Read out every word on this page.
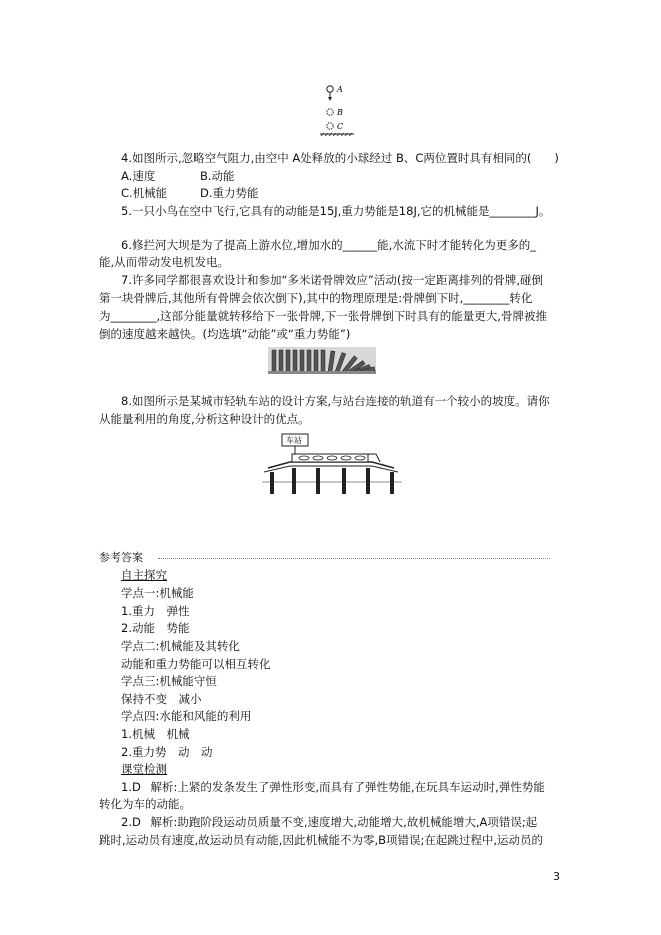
A
B
C
4.如图所示,忽略空气阻力,由空中 A处释放的小球经过 B、C两位置时具有相同的(　　)
A.速度	B.动能
C.机械能	D.重力势能
5.一只小鸟在空中飞行,它具有的动能是15J,重力势能是18J,它的机械能是________J。
6.修拦河大坝是为了提高上游水位,增加水的______能,水流下时才能转化为更多的_
能,从而带动发电机发电。
7.许多同学都很喜欢设计和参加“多米诺骨牌效应”活动(按一定距离排列的骨牌,碰倒
第一块骨牌后,其他所有骨牌会依次倒下),其中的物理原理是:骨牌倒下时,________转化
为________,这部分能量就转移给下一张骨牌,下一张骨牌倒下时具有的能量更大,骨牌被推
倒的速度越来越快。(均选填“动能”或“重力势能”)
8.如图所示是某城市轻轨车站的设计方案,与站台连接的轨道有一个较小的坡度。请你
从能量利用的角度,分析这种设计的优点。
车站
参考答案
自主探究
学点一:机械能
1.重力　弹性
2.动能　势能
学点二:机械能及其转化
动能和重力势能可以相互转化
学点三:机械能守恒
保持不变　减小
学点四:水能和风能的利用
1.机械　机械
2.重力势　动　动
课堂检测
1.D 解析:上紧的发条发生了弹性形变,而具有了弹性势能,在玩具车运动时,弹性势能
转化为车的动能。
2.D 解析:助跑阶段运动员质量不变,速度增大,动能增大,故机械能增大,A项错误;起
跳时,运动员有速度,故运动员有动能,因此机械能不为零,B项错误;在起跳过程中,运动员的
3
